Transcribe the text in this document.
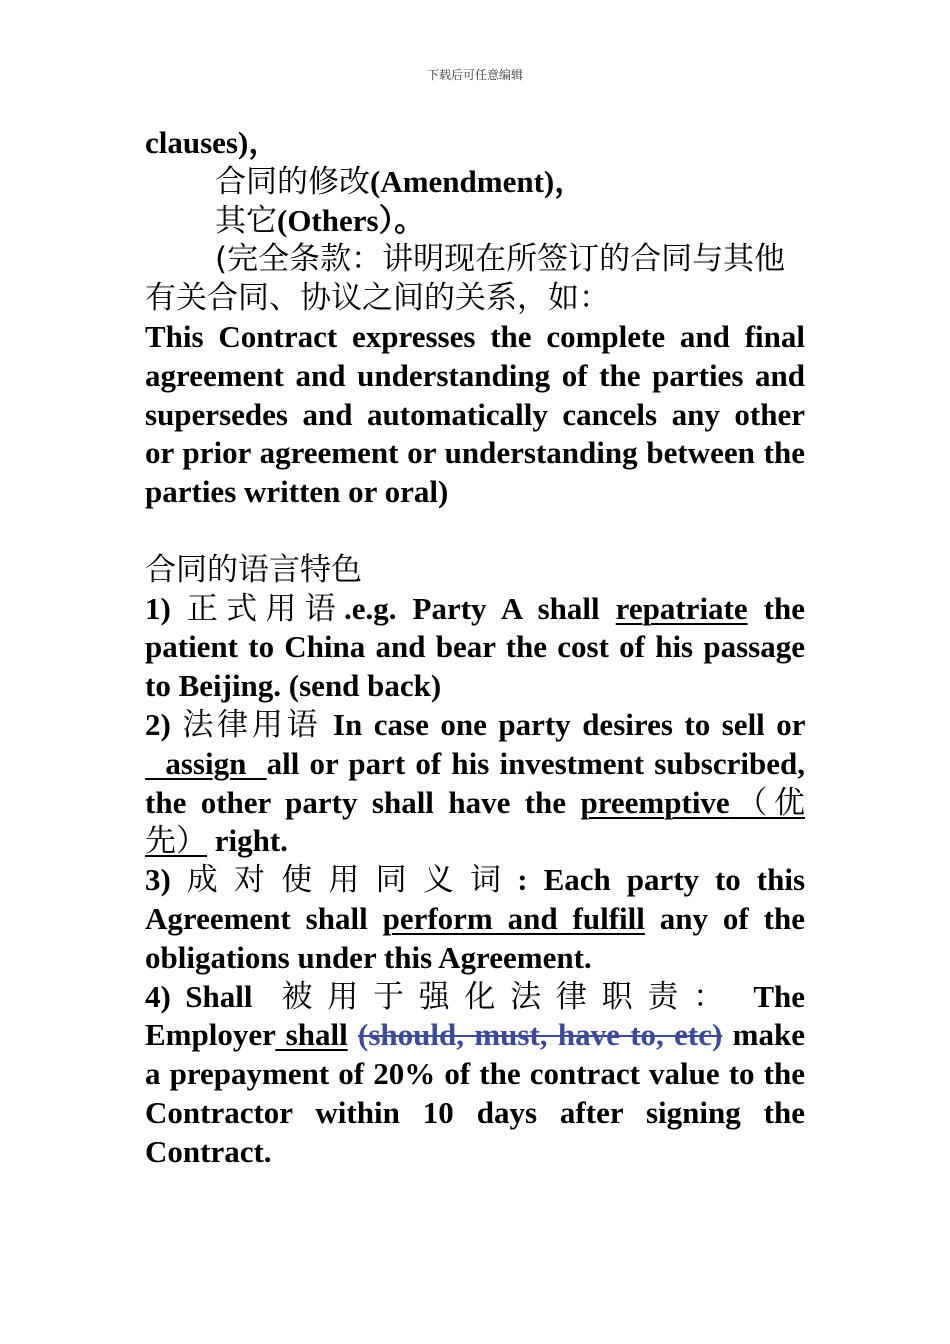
下载后可任意编辑

clauses)，

合同的修改(Amendment)，

其它(Others）。

(完全条款：讲明现在所签订的合同与其他有关合同、协议之间的关系，如：

This Contract expresses the complete and final agreement and understanding of the parties and supersedes and automatically cancels any other or prior agreement or understanding between the parties written or oral)

合同的语言特色

1) 正式用语.e.g. Party A shall repatriate the patient to China and bear the cost of his passage to Beijing. (send back)

2) 法律用语 In case one party desires to sell or  assign  all or part of his investment subscribed, the other party shall have the preemptive（优先） right.

3) 成对使用同义词: Each party to this Agreement shall perform and fulfill any of the obligations under this Agreement.

4) Shall  被用于强化法律职责： The Employer shall (should, must, have to, etc) make a prepayment of 20% of the contract value to the Contractor within 10 days after signing the Contract.
